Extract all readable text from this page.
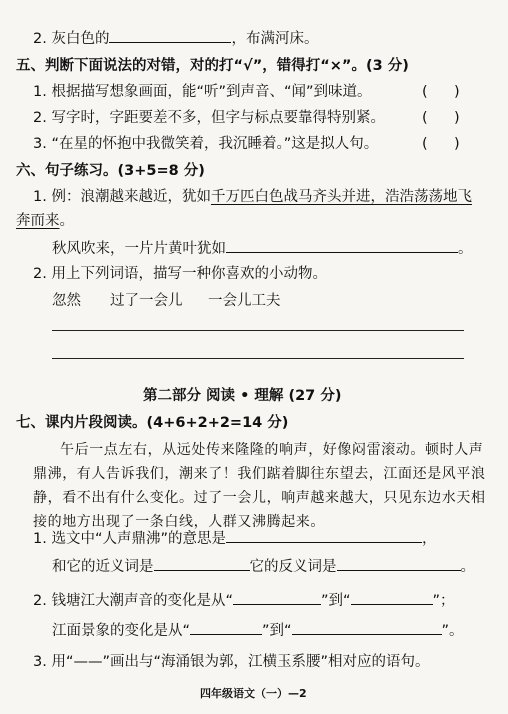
2. 灰白色的	，布满河床。
五、判断下面说法的对错，对的打“√”，错得打“×”。(3 分)
1. 根据描写想象画面，能“听”到声音、“闻”到味道。	( )
2. 写字时，字距要差不多，但字与标点要靠得特别紧。	( )
3. “在星的怀抱中我微笑着，我沉睡着。”这是拟人句。	( )
六、句子练习。(3+5=8 分)
1. 例：浪潮越来越近，犹如千万匹白色战马齐头并进，浩浩荡荡地飞
奔而来。
秋风吹来，一片片黄叶犹如	。
2. 用上下列词语，描写一种你喜欢的小动物。
忽然 过了一会儿 一会儿工夫
第二部分 阅读 • 理解 (27 分)
七、课内片段阅读。(4+6+2+2=14 分)
午后一点左右，从远处传来隆隆的响声，好像闷雷滚动。顿时人声
鼎沸，有人告诉我们，潮来了！我们踮着脚往东望去，江面还是风平浪
静，看不出有什么变化。过了一会儿，响声越来越大，只见东边水天相
接的地方出现了一条白线，人群又沸腾起来。
1. 选文中“人声鼎沸”的意思是	，
和它的近义词是	它的反义词是	。
2. 钱塘江大潮声音的变化是从“	”到“	”；
江面景象的变化是从“	”到“	”。
3. 用“——”画出与“海涌银为郭，江横玉系腰”相对应的语句。
四年级语文（一）—2
